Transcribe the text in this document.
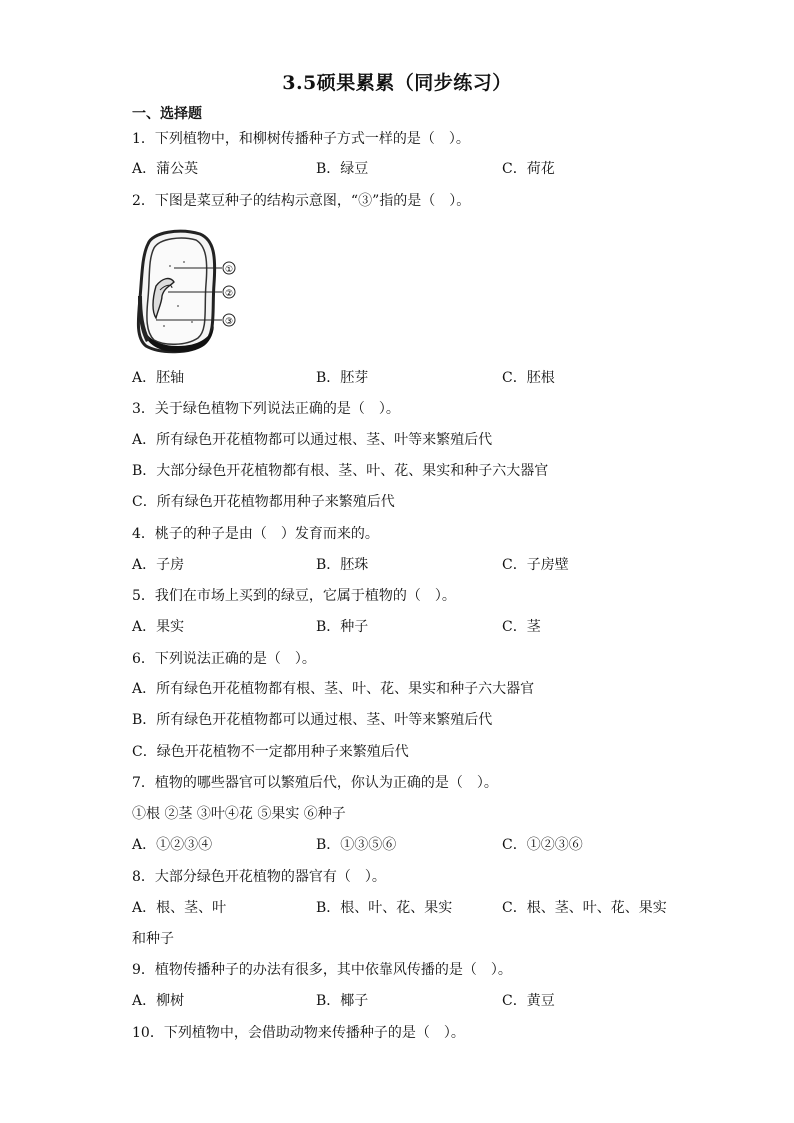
3.5硕果累累（同步练习）
一、选择题
1．下列植物中，和柳树传播种子方式一样的是（　）。
A．蒲公英	B．绿豆	C．荷花
2．下图是菜豆种子的结构示意图，“③”指的是（　）。
①
②
③
A．胚轴	B．胚芽	C．胚根
3．关于绿色植物下列说法正确的是（　）。
A．所有绿色开花植物都可以通过根、茎、叶等来繁殖后代
B．大部分绿色开花植物都有根、茎、叶、花、果实和种子六大器官
C．所有绿色开花植物都用种子来繁殖后代
4．桃子的种子是由（　）发育而来的。
A．子房	B．胚珠	C．子房壁
5．我们在市场上买到的绿豆，它属于植物的（　）。
A．果实	B．种子	C．茎
6．下列说法正确的是（　）。
A．所有绿色开花植物都有根、茎、叶、花、果实和种子六大器官
B．所有绿色开花植物都可以通过根、茎、叶等来繁殖后代
C．绿色开花植物不一定都用种子来繁殖后代
7．植物的哪些器官可以繁殖后代，你认为正确的是（　）。
①根 ②茎 ③叶④花 ⑤果实 ⑥种子
A．①②③④	B．①③⑤⑥	C．①②③⑥
8．大部分绿色开花植物的器官有（　）。
A．根、茎、叶	B．根、叶、花、果实	C．根、茎、叶、花、果实
和种子
9．植物传播种子的办法有很多，其中依靠风传播的是（　）。
A．柳树	B．椰子	C．黄豆
10．下列植物中，会借助动物来传播种子的是（　）。
